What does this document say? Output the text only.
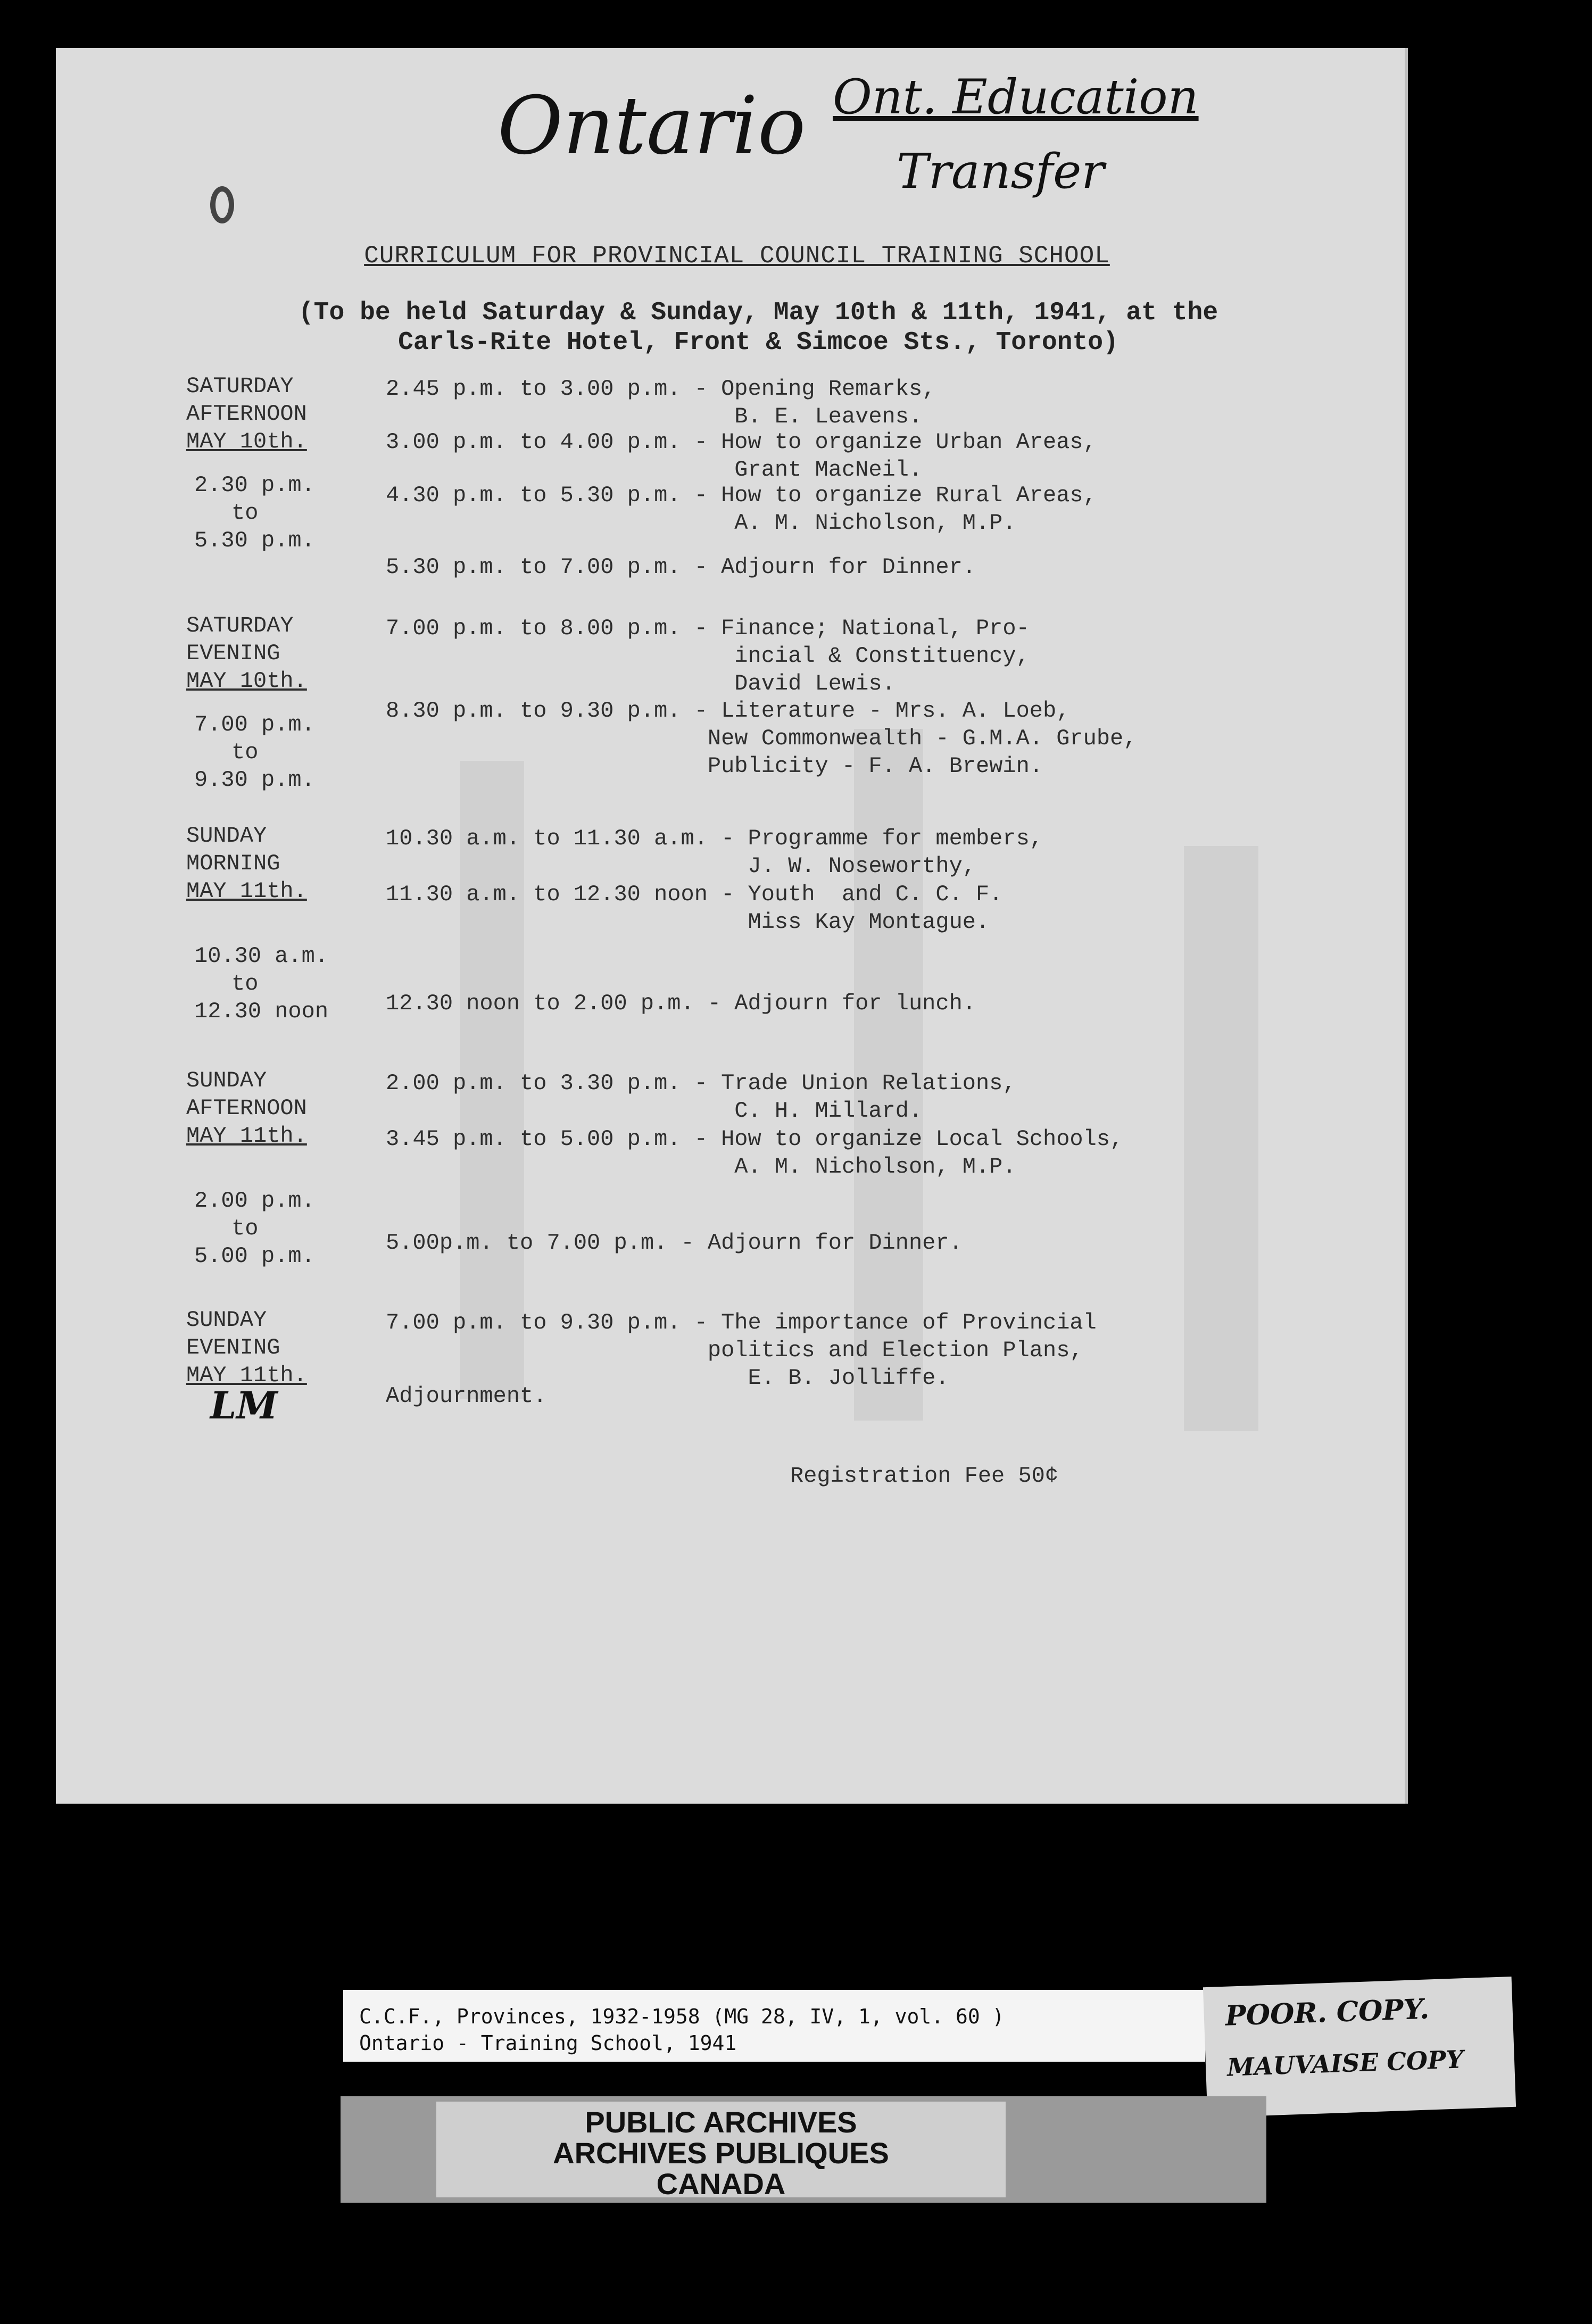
Ontario Ont. Education
Transfer
LM
CURRICULUM FOR PROVINCIAL COUNCIL TRAINING SCHOOL
(To be held Saturday & Sunday, May 10th & 11th, 1941, at the
Carls-Rite Hotel, Front & Simcoe Sts., Toronto)
SATURDAY
AFTERNOON
MAY 10th.
2.30 p.m.
to
5.30 p.m.
SATURDAY
EVENING
MAY 10th.
7.00 p.m.
to
9.30 p.m.
SUNDAY
MORNING
MAY 11th.
10.30 a.m.
to
12.30 noon
SUNDAY
AFTERNOON
MAY 11th.
2.00 p.m.
to
5.00 p.m.
SUNDAY
EVENING
MAY 11th.
2.45 p.m. to 3.00 p.m. - Opening Remarks,
B. E. Leavens.
3.00 p.m. to 4.00 p.m. - How to organize Urban Areas,
Grant MacNeil.
4.30 p.m. to 5.30 p.m. - How to organize Rural Areas,
A. M. Nicholson, M.P.
5.30 p.m. to 7.00 p.m. - Adjourn for Dinner.
7.00 p.m. to 8.00 p.m. - Finance; National, Pro-
incial & Constituency,
David Lewis.
8.30 p.m. to 9.30 p.m. - Literature - Mrs. A. Loeb,
New Commonwealth - G.M.A. Grube,
Publicity - F. A. Brewin.
10.30 a.m. to 11.30 a.m. - Programme for members,
J. W. Noseworthy,
11.30 a.m. to 12.30 noon - Youth  and C. C. F.
Miss Kay Montague.
12.30 noon to 2.00 p.m. - Adjourn for lunch.
2.00 p.m. to 3.30 p.m. - Trade Union Relations,
C. H. Millard.
3.45 p.m. to 5.00 p.m. - How to organize Local Schools,
A. M. Nicholson, M.P.
5.00p.m. to 7.00 p.m. - Adjourn for Dinner.
7.00 p.m. to 9.30 p.m. - The importance of Provincial
politics and Election Plans,
E. B. Jolliffe.
Adjournment.
Registration Fee 50¢
C.C.F., Provinces, 1932-1958 (MG 28, IV, 1, vol. 60 )
Ontario - Training School, 1941
POOR. COPY.
MAUVAISE COPY
PUBLIC ARCHIVES
ARCHIVES PUBLIQUES
CANADA
